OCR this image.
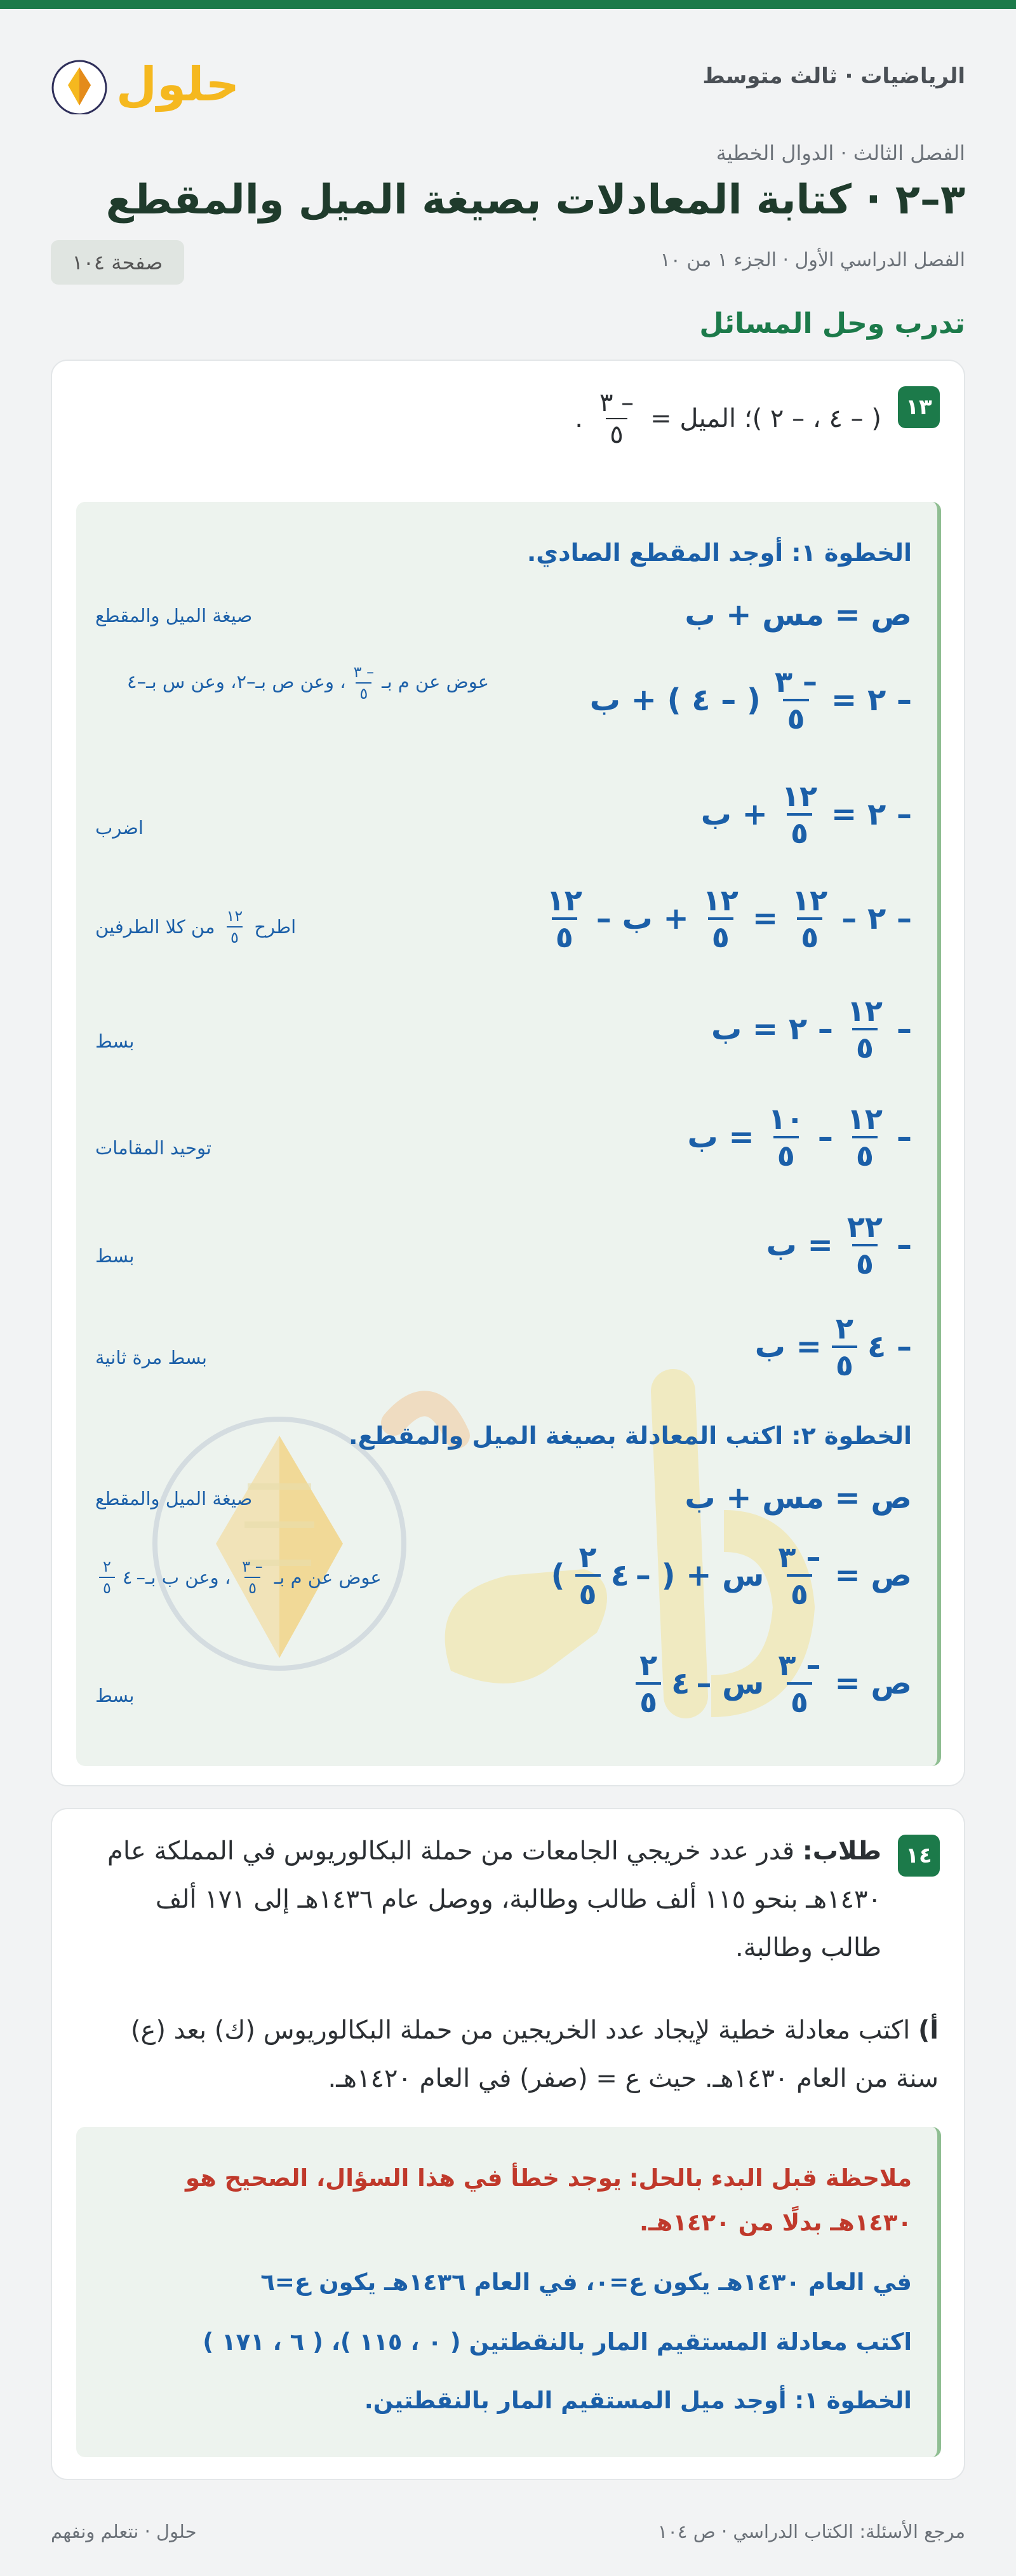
الرياضيات · ثالث متوسط
حلول
الفصل الثالث · الدوال الخطية
٣–٢ · كتابة المعادلات بصيغة الميل والمقطع
الفصل الدراسي الأول · الجزء ١ من ١٠
صفحة ١٠٤
تدرب وحل المسائل
١٣
( – ٤ ، – ٢ )؛ الميل =
$\frac{- ٣}{٥}$
.
الخطوة ١: أوجد المقطع الصادي.
ص = مس + ب
صيغة الميل والمقطع
– ٢ =
$\frac{- ٣}{٥}$
( – ٤ ) + ب
عوض عن م بـ
$\frac{- ٣}{٥}$
، وعن ص بـ–٢، وعن س بـ–٤
– ٢ =
$\frac{١٢}{٥}$
+ ب
اضرب
– ٢ –
$\frac{١٢}{٥}$
=
$\frac{١٢}{٥}$
+ ب –
$\frac{١٢}{٥}$
اطرح
$\frac{١٢}{٥}$
من كلا الطرفين
–
$\frac{١٢}{٥}$
– ٢ = ب
بسط
–
$\frac{١٢}{٥}$
–
$\frac{١٠}{٥}$
= ب
توحيد المقامات
–
$\frac{٢٢}{٥}$
= ب
بسط
– ٤
$\frac{٢}{٥}$
= ب
بسط مرة ثانية
الخطوة ٢: اكتب المعادلة بصيغة الميل والمقطع.
ص = مس + ب
صيغة الميل والمقطع
ص =
$\frac{- ٣}{٥}$
س + ( –
٤
$\frac{٢}{٥}$
)
عوض عن م بـ
$\frac{- ٣}{٥}$
، وعن ب بـ–
٤
$\frac{٢}{٥}$
ص =
$\frac{- ٣}{٥}$
س –
٤
$\frac{٢}{٥}$
بسط
١٤
طلاب: قدر عدد خريجي الجامعات من حملة البكالوريوس في المملكة عام ١٤٣٠هـ بنحو ١١٥ ألف طالب وطالبة، ووصل عام ١٤٣٦هـ إلى ١٧١ ألف طالب وطالبة.
أ) اكتب معادلة خطية لإيجاد عدد الخريجين من حملة البكالوريوس (ك) بعد (ع) سنة من العام ١٤٣٠هـ. حيث ع = (صفر) في العام ١٤٢٠هـ.
ملاحظة قبل البدء بالحل: يوجد خطأ في هذا السؤال، الصحيح هو ١٤٣٠هـ بدلًا من ١٤٢٠هـ.
في العام ١٤٣٠هـ يكون ع=٠، في العام ١٤٣٦هـ يكون ع=٦
اكتب معادلة المستقيم المار بالنقطتين ( ٠ ، ١١٥ )، ( ٦ ، ١٧١ )
الخطوة ١: أوجد ميل المستقيم المار بالنقطتين.
مرجع الأسئلة: الكتاب الدراسي · ص ١٠٤
حلول · نتعلم ونفهم
